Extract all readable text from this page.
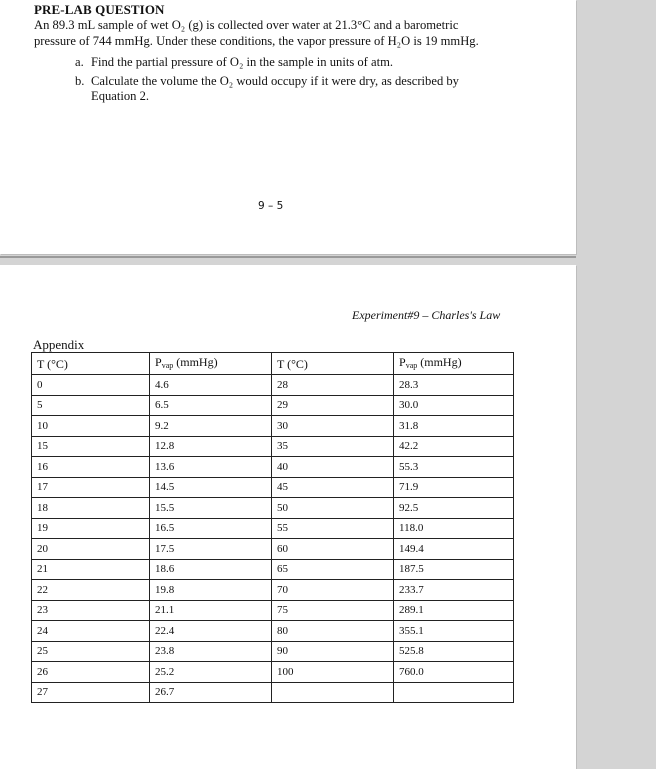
PRE-LAB QUESTION
An 89.3 mL sample of wet O₂ (g) is collected over water at 21.3°C and a barometric
pressure of 744 mmHg. Under these conditions, the vapor pressure of H₂O is 19 mmHg.
a. Find the partial pressure of O₂ in the sample in units of atm.
b. Calculate the volume the O₂ would occupy if it were dry, as described by
Equation 2.
9 – 5
Experiment#9 – Charles's Law
Appendix
T (°C)	$P_{vap}$ (mmHg)	T (°C)	$P_{vap}$ (mmHg)
0	4.6	28	28.3
5	6.5	29	30.0
10	9.2	30	31.8
15	12.8	35	42.2
16	13.6	40	55.3
17	14.5	45	71.9
18	15.5	50	92.5
19	16.5	55	118.0
20	17.5	60	149.4
21	18.6	65	187.5
22	19.8	70	233.7
23	21.1	75	289.1
24	22.4	80	355.1
25	23.8	90	525.8
26	25.2	100	760.0
27	26.7		
